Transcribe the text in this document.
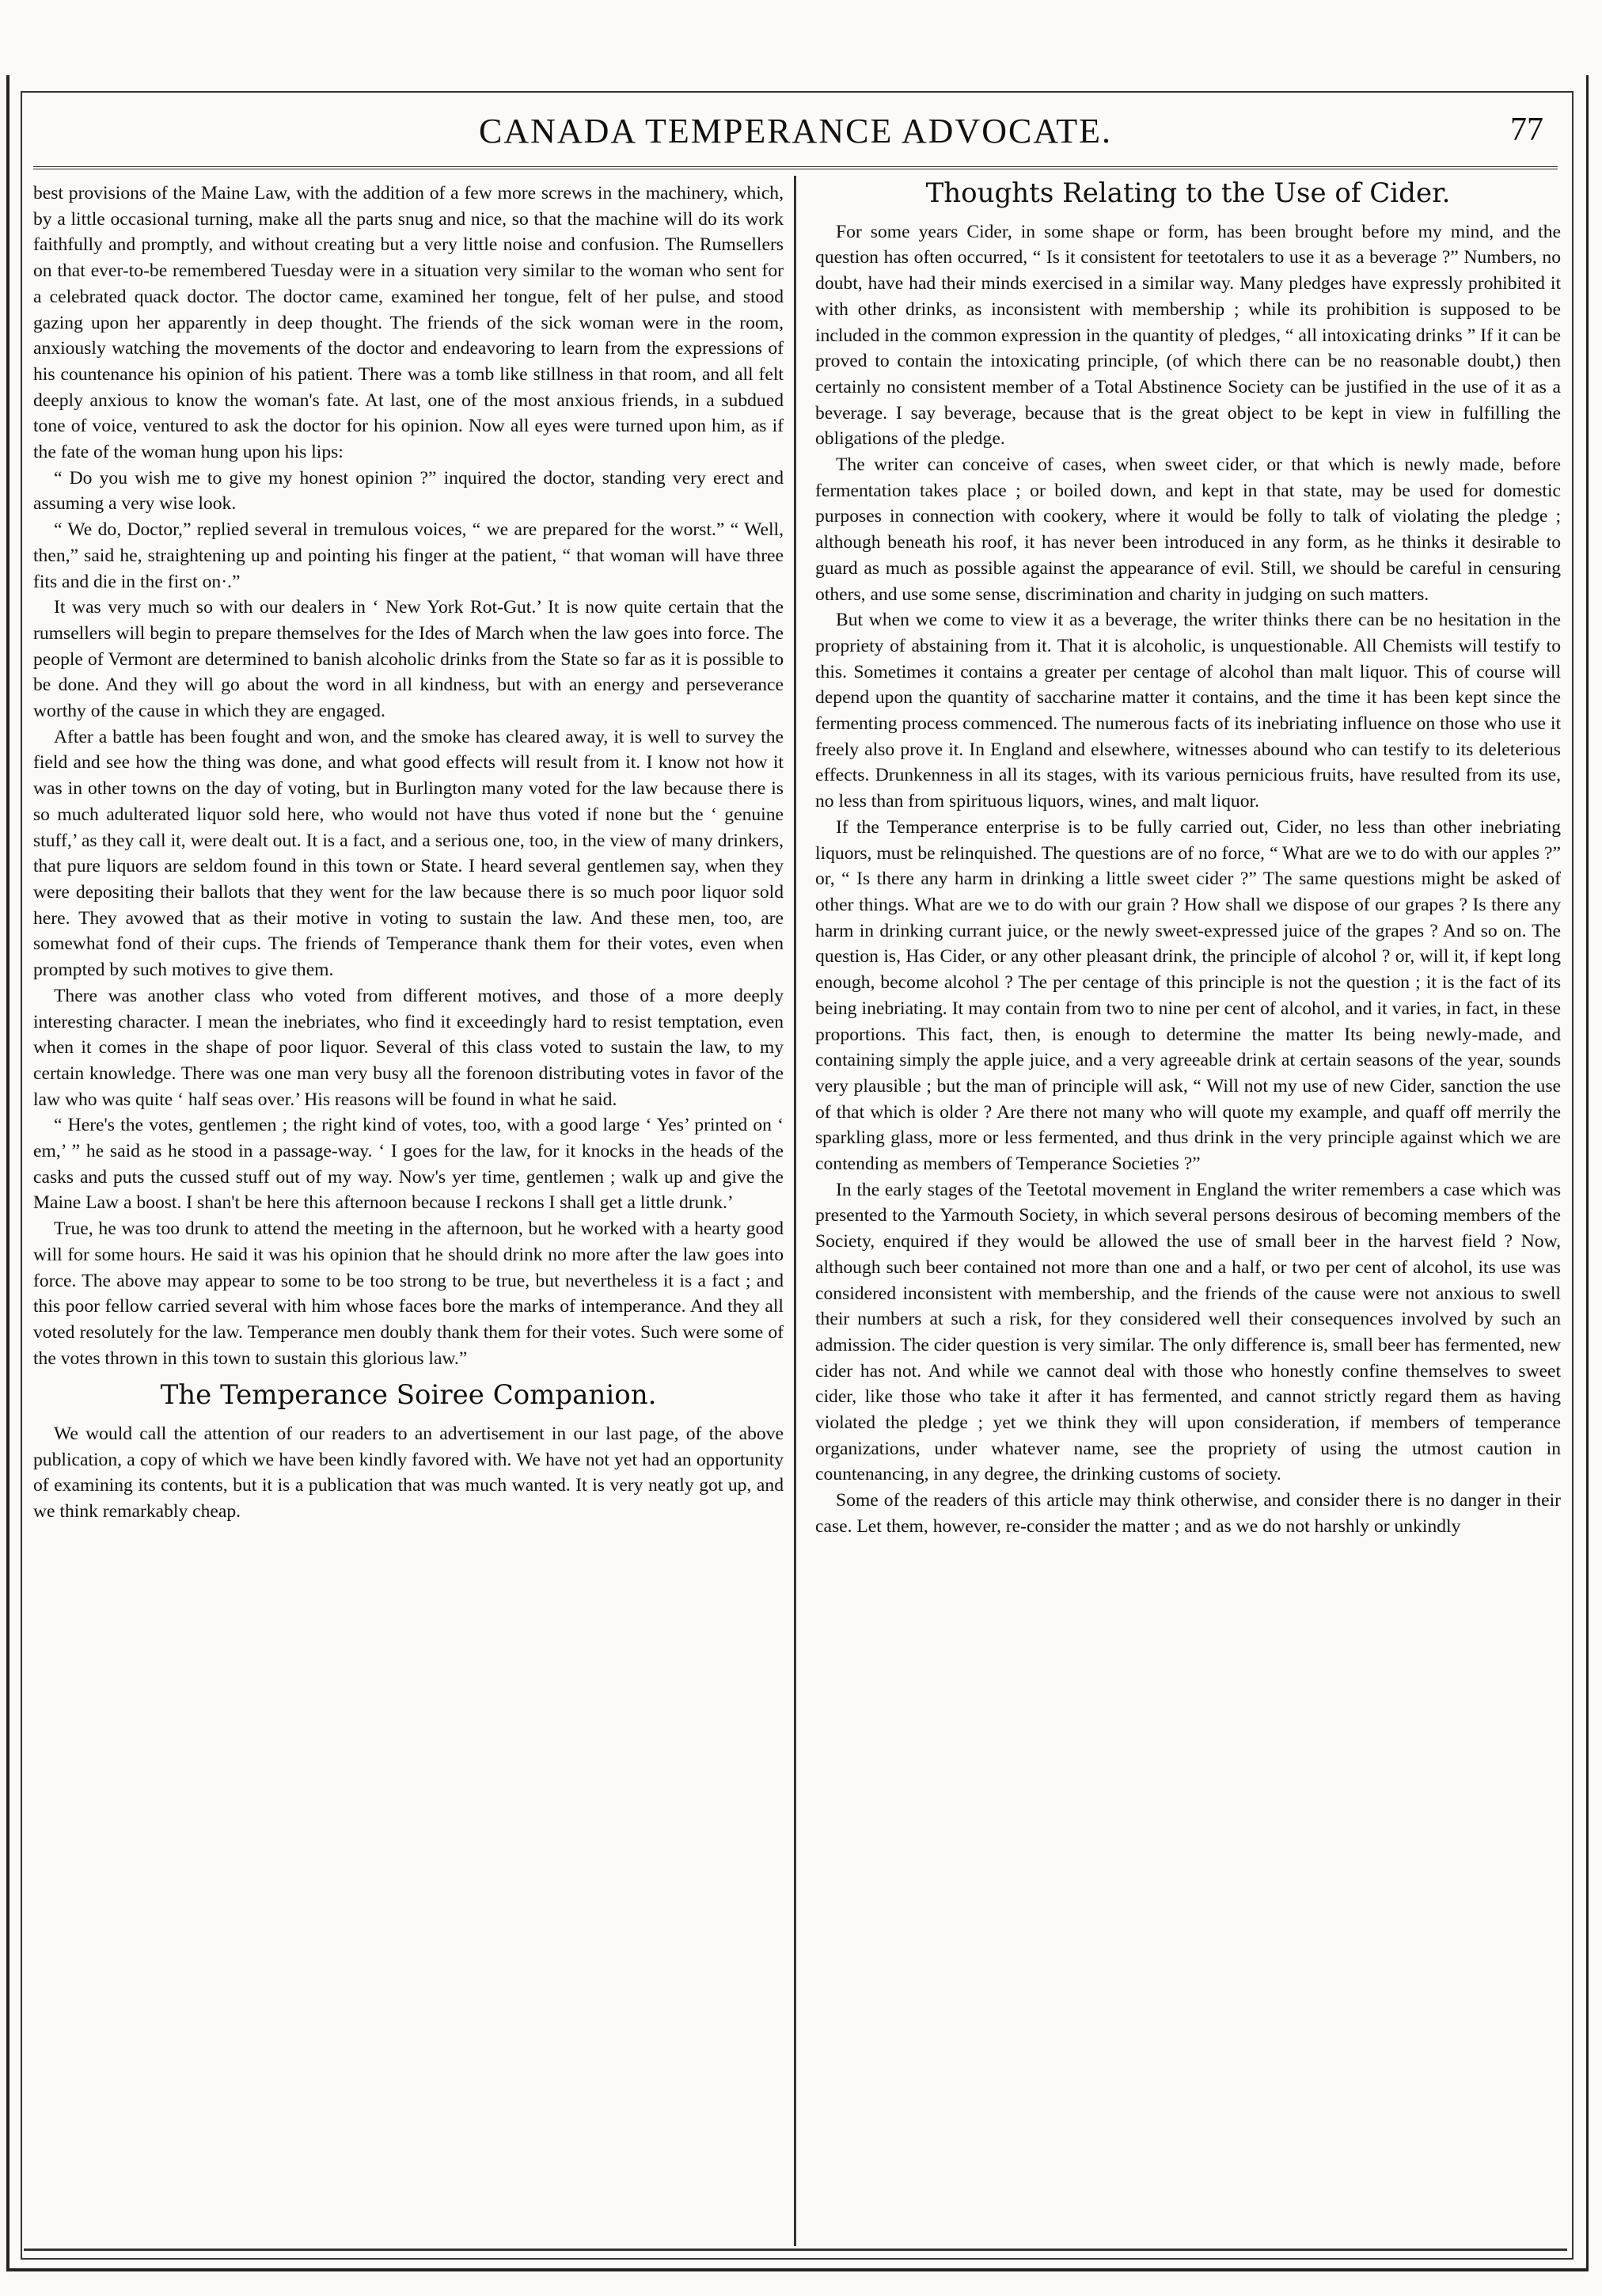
CANADA TEMPERANCE ADVOCATE.	77

best provisions of the Maine Law, with the addition of a few more screws in the machinery, which, by a little occasional turning, make all the parts snug and nice, so that the machine will do its work faithfully and promptly, and without creating but a very little noise and confusion. The Rumsellers on that ever-to-be remembered Tuesday were in a situation very similar to the woman who sent for a celebrated quack doctor. The doctor came, examined her tongue, felt of her pulse, and stood gazing upon her apparently in deep thought. The friends of the sick woman were in the room, anxiously watching the movements of the doctor and endeavoring to learn from the expressions of his countenance his opinion of his patient. There was a tomb like stillness in that room, and all felt deeply anxious to know the woman's fate. At last, one of the most anxious friends, in a subdued tone of voice, ventured to ask the doctor for his opinion. Now all eyes were turned upon him, as if the fate of the woman hung upon his lips:

“ Do you wish me to give my honest opinion ?” inquired the doctor, standing very erect and assuming a very wise look.

“ We do, Doctor,” replied several in tremulous voices, “ we are prepared for the worst.” “ Well, then,” said he, straightening up and pointing his finger at the patient, “ that woman will have three fits and die in the first on·.”

It was very much so with our dealers in ‘ New York Rot-Gut.’ It is now quite certain that the rumsellers will begin to prepare themselves for the Ides of March when the law goes into force. The people of Vermont are determined to banish alcoholic drinks from the State so far as it is possible to be done. And they will go about the word in all kindness, but with an energy and perseverance worthy of the cause in which they are engaged.

After a battle has been fought and won, and the smoke has cleared away, it is well to survey the field and see how the thing was done, and what good effects will result from it. I know not how it was in other towns on the day of voting, but in Burlington many voted for the law because there is so much adulterated liquor sold here, who would not have thus voted if none but the ‘ genuine stuff,’ as they call it, were dealt out. It is a fact, and a serious one, too, in the view of many drinkers, that pure liquors are seldom found in this town or State. I heard several gentlemen say, when they were depositing their ballots that they went for the law because there is so much poor liquor sold here. They avowed that as their motive in voting to sustain the law. And these men, too, are somewhat fond of their cups. The friends of Temperance thank them for their votes, even when prompted by such motives to give them.

There was another class who voted from different motives, and those of a more deeply interesting character. I mean the inebriates, who find it exceedingly hard to resist temptation, even when it comes in the shape of poor liquor. Several of this class voted to sustain the law, to my certain knowledge. There was one man very busy all the forenoon distributing votes in favor of the law who was quite ‘ half seas over.’ His reasons will be found in what he said.

“ Here's the votes, gentlemen ; the right kind of votes, too, with a good large ‘ Yes’ printed on ‘ em,’ ” he said as he stood in a passage-way. ‘ I goes for the law, for it knocks in the heads of the casks and puts the cussed stuff out of my way. Now's yer time, gentlemen ; walk up and give the Maine Law a boost. I shan't be here this afternoon because I reckons I shall get a little drunk.’

True, he was too drunk to attend the meeting in the afternoon, but he worked with a hearty good will for some hours. He said it was his opinion that he should drink no more after the law goes into force. The above may appear to some to be too strong to be true, but nevertheless it is a fact ; and this poor fellow carried several with him whose faces bore the marks of intemperance. And they all voted resolutely for the law. Temperance men doubly thank them for their votes. Such were some of the votes thrown in this town to sustain this glorious law.”

The Temperance Soiree Companion.

We would call the attention of our readers to an advertisement in our last page, of the above publication, a copy of which we have been kindly favored with. We have not yet had an opportunity of examining its contents, but it is a publication that was much wanted. It is very neatly got up, and we think remarkably cheap.

Thoughts Relating to the Use of Cider.

For some years Cider, in some shape or form, has been brought before my mind, and the question has often occurred, “ Is it consistent for teetotalers to use it as a beverage ?” Numbers, no doubt, have had their minds exercised in a similar way. Many pledges have expressly prohibited it with other drinks, as inconsistent with membership ; while its prohibition is supposed to be included in the common expression in the quantity of pledges, “ all intoxicating drinks ” If it can be proved to contain the intoxicating principle, (of which there can be no reasonable doubt,) then certainly no consistent member of a Total Abstinence Society can be justified in the use of it as a beverage. I say beverage, because that is the great object to be kept in view in fulfilling the obligations of the pledge.

The writer can conceive of cases, when sweet cider, or that which is newly made, before fermentation takes place ; or boiled down, and kept in that state, may be used for domestic purposes in connection with cookery, where it would be folly to talk of violating the pledge ; although beneath his roof, it has never been introduced in any form, as he thinks it desirable to guard as much as possible against the appearance of evil. Still, we should be careful in censuring others, and use some sense, discrimination and charity in judging on such matters.

But when we come to view it as a beverage, the writer thinks there can be no hesitation in the propriety of abstaining from it. That it is alcoholic, is unquestionable. All Chemists will testify to this. Sometimes it contains a greater per centage of alcohol than malt liquor. This of course will depend upon the quantity of saccharine matter it contains, and the time it has been kept since the fermenting process commenced. The numerous facts of its inebriating influence on those who use it freely also prove it. In England and elsewhere, witnesses abound who can testify to its deleterious effects. Drunkenness in all its stages, with its various pernicious fruits, have resulted from its use, no less than from spirituous liquors, wines, and malt liquor.

If the Temperance enterprise is to be fully carried out, Cider, no less than other inebriating liquors, must be relinquished. The questions are of no force, “ What are we to do with our apples ?” or, “ Is there any harm in drinking a little sweet cider ?” The same questions might be asked of other things. What are we to do with our grain ? How shall we dispose of our grapes ? Is there any harm in drinking currant juice, or the newly sweet-expressed juice of the grapes ? And so on. The question is, Has Cider, or any other pleasant drink, the principle of alcohol ? or, will it, if kept long enough, become alcohol ? The per centage of this principle is not the question ; it is the fact of its being inebriating. It may contain from two to nine per cent of alcohol, and it varies, in fact, in these proportions. This fact, then, is enough to determine the matter Its being newly-made, and containing simply the apple juice, and a very agreeable drink at certain seasons of the year, sounds very plausible ; but the man of principle will ask, “ Will not my use of new Cider, sanction the use of that which is older ? Are there not many who will quote my example, and quaff off merrily the sparkling glass, more or less fermented, and thus drink in the very principle against which we are contending as members of Temperance Societies ?”

In the early stages of the Teetotal movement in England the writer remembers a case which was presented to the Yarmouth Society, in which several persons desirous of becoming members of the Society, enquired if they would be allowed the use of small beer in the harvest field ? Now, although such beer contained not more than one and a half, or two per cent of alcohol, its use was considered inconsistent with membership, and the friends of the cause were not anxious to swell their numbers at such a risk, for they considered well their consequences involved by such an admission. The cider question is very similar. The only difference is, small beer has fermented, new cider has not. And while we cannot deal with those who honestly confine themselves to sweet cider, like those who take it after it has fermented, and cannot strictly regard them as having violated the pledge ; yet we think they will upon consideration, if members of temperance organizations, under whatever name, see the propriety of using the utmost caution in countenancing, in any degree, the drinking customs of society.

Some of the readers of this article may think otherwise, and consider there is no danger in their case. Let them, however, re-consider the matter ; and as we do not harshly or unkindly
